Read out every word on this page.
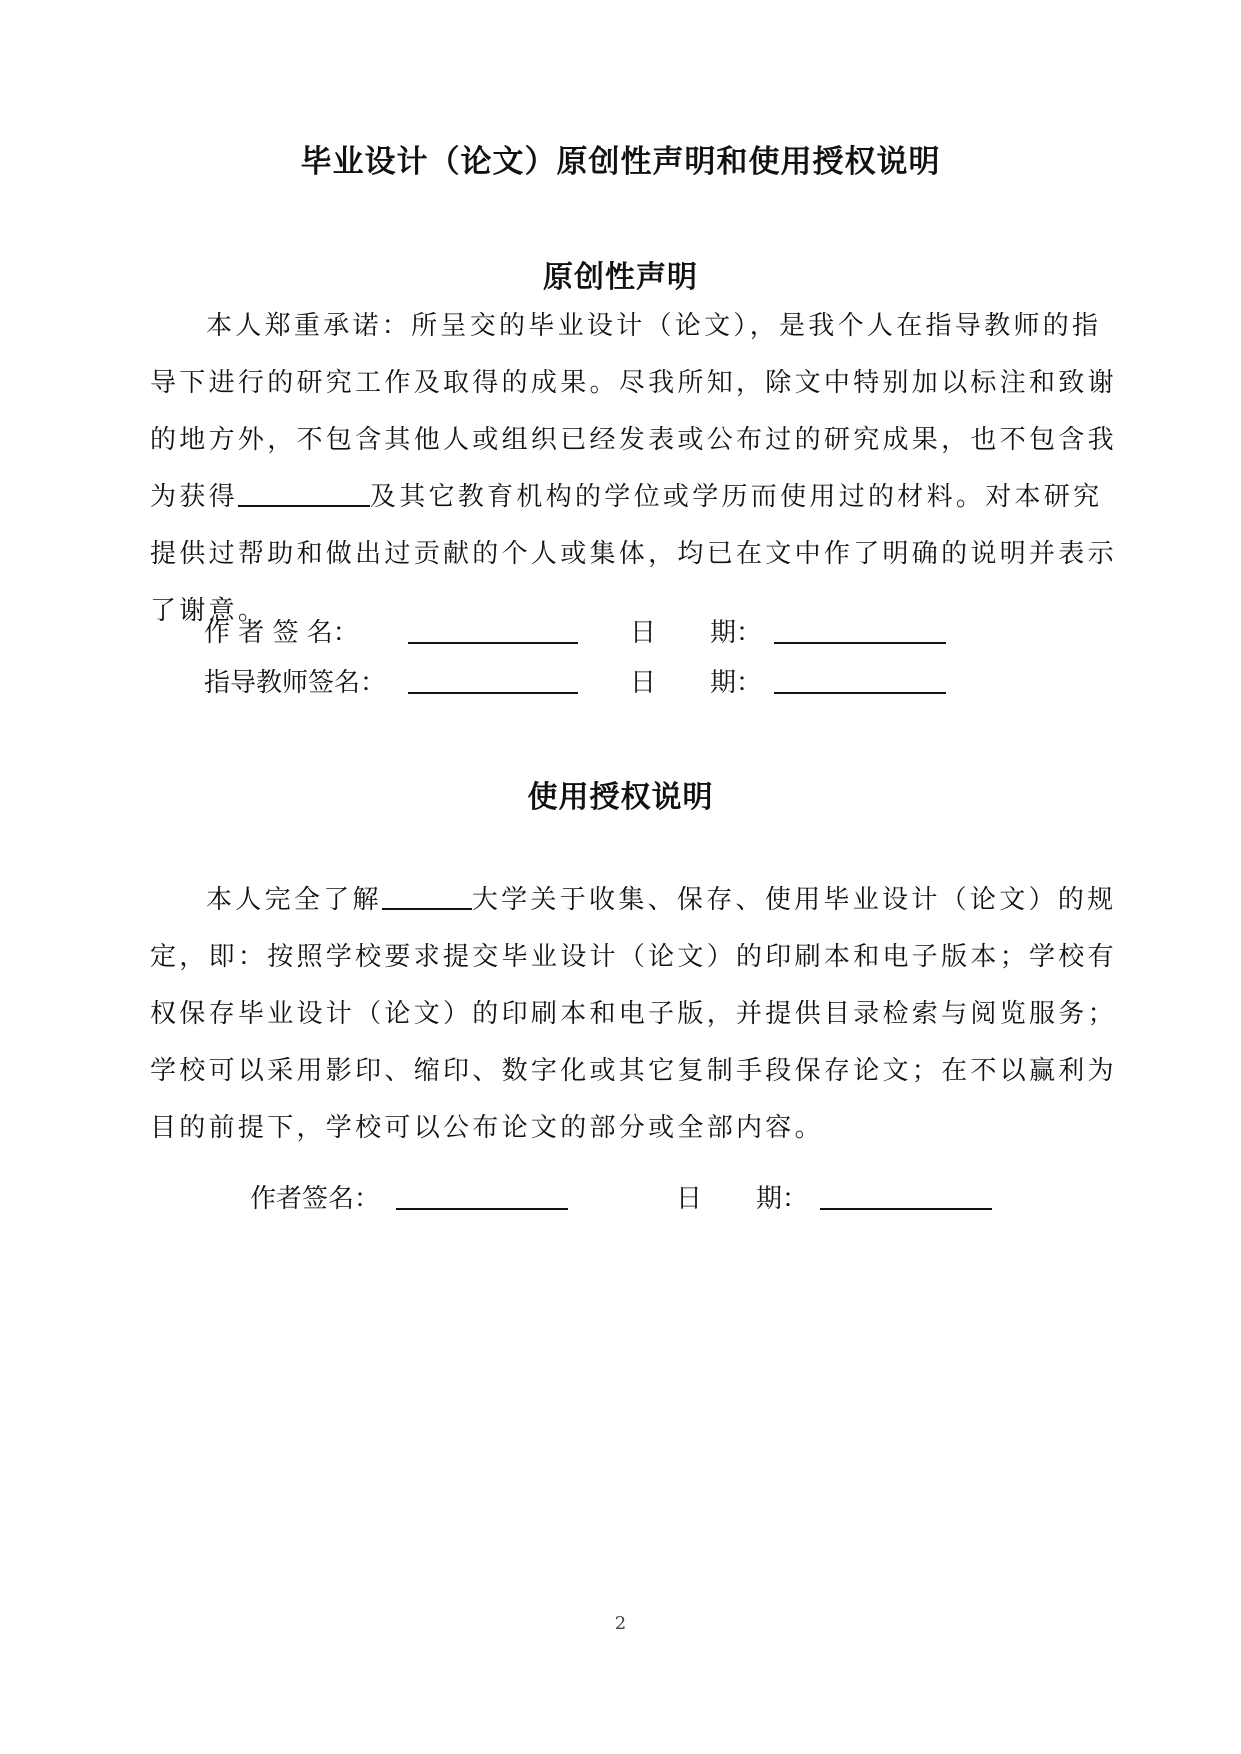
毕业设计（论文）原创性声明和使用授权说明
原创性声明
本人郑重承诺：所呈交的毕业设计（论文），是我个人在指导教师的指
导下进行的研究工作及取得的成果。尽我所知，除文中特别加以标注和致谢
的地方外，不包含其他人或组织已经发表或公布过的研究成果，也不包含我
为获得	及其它教育机构的学位或学历而使用过的材料。对本研究
提供过帮助和做出过贡献的个人或集体，均已在文中作了明确的说明并表示
了谢意。
作 者 签 名：	日 期：
指导教师签名：	日 期：
使用授权说明
本人完全了解	大学关于收集、保存、使用毕业设计（论文）的规
定，即：按照学校要求提交毕业设计（论文）的印刷本和电子版本；学校有
权保存毕业设计（论文）的印刷本和电子版，并提供目录检索与阅览服务；
学校可以采用影印、缩印、数字化或其它复制手段保存论文；在不以赢利为
目的前提下，学校可以公布论文的部分或全部内容。
作者签名：	日 期：
2
